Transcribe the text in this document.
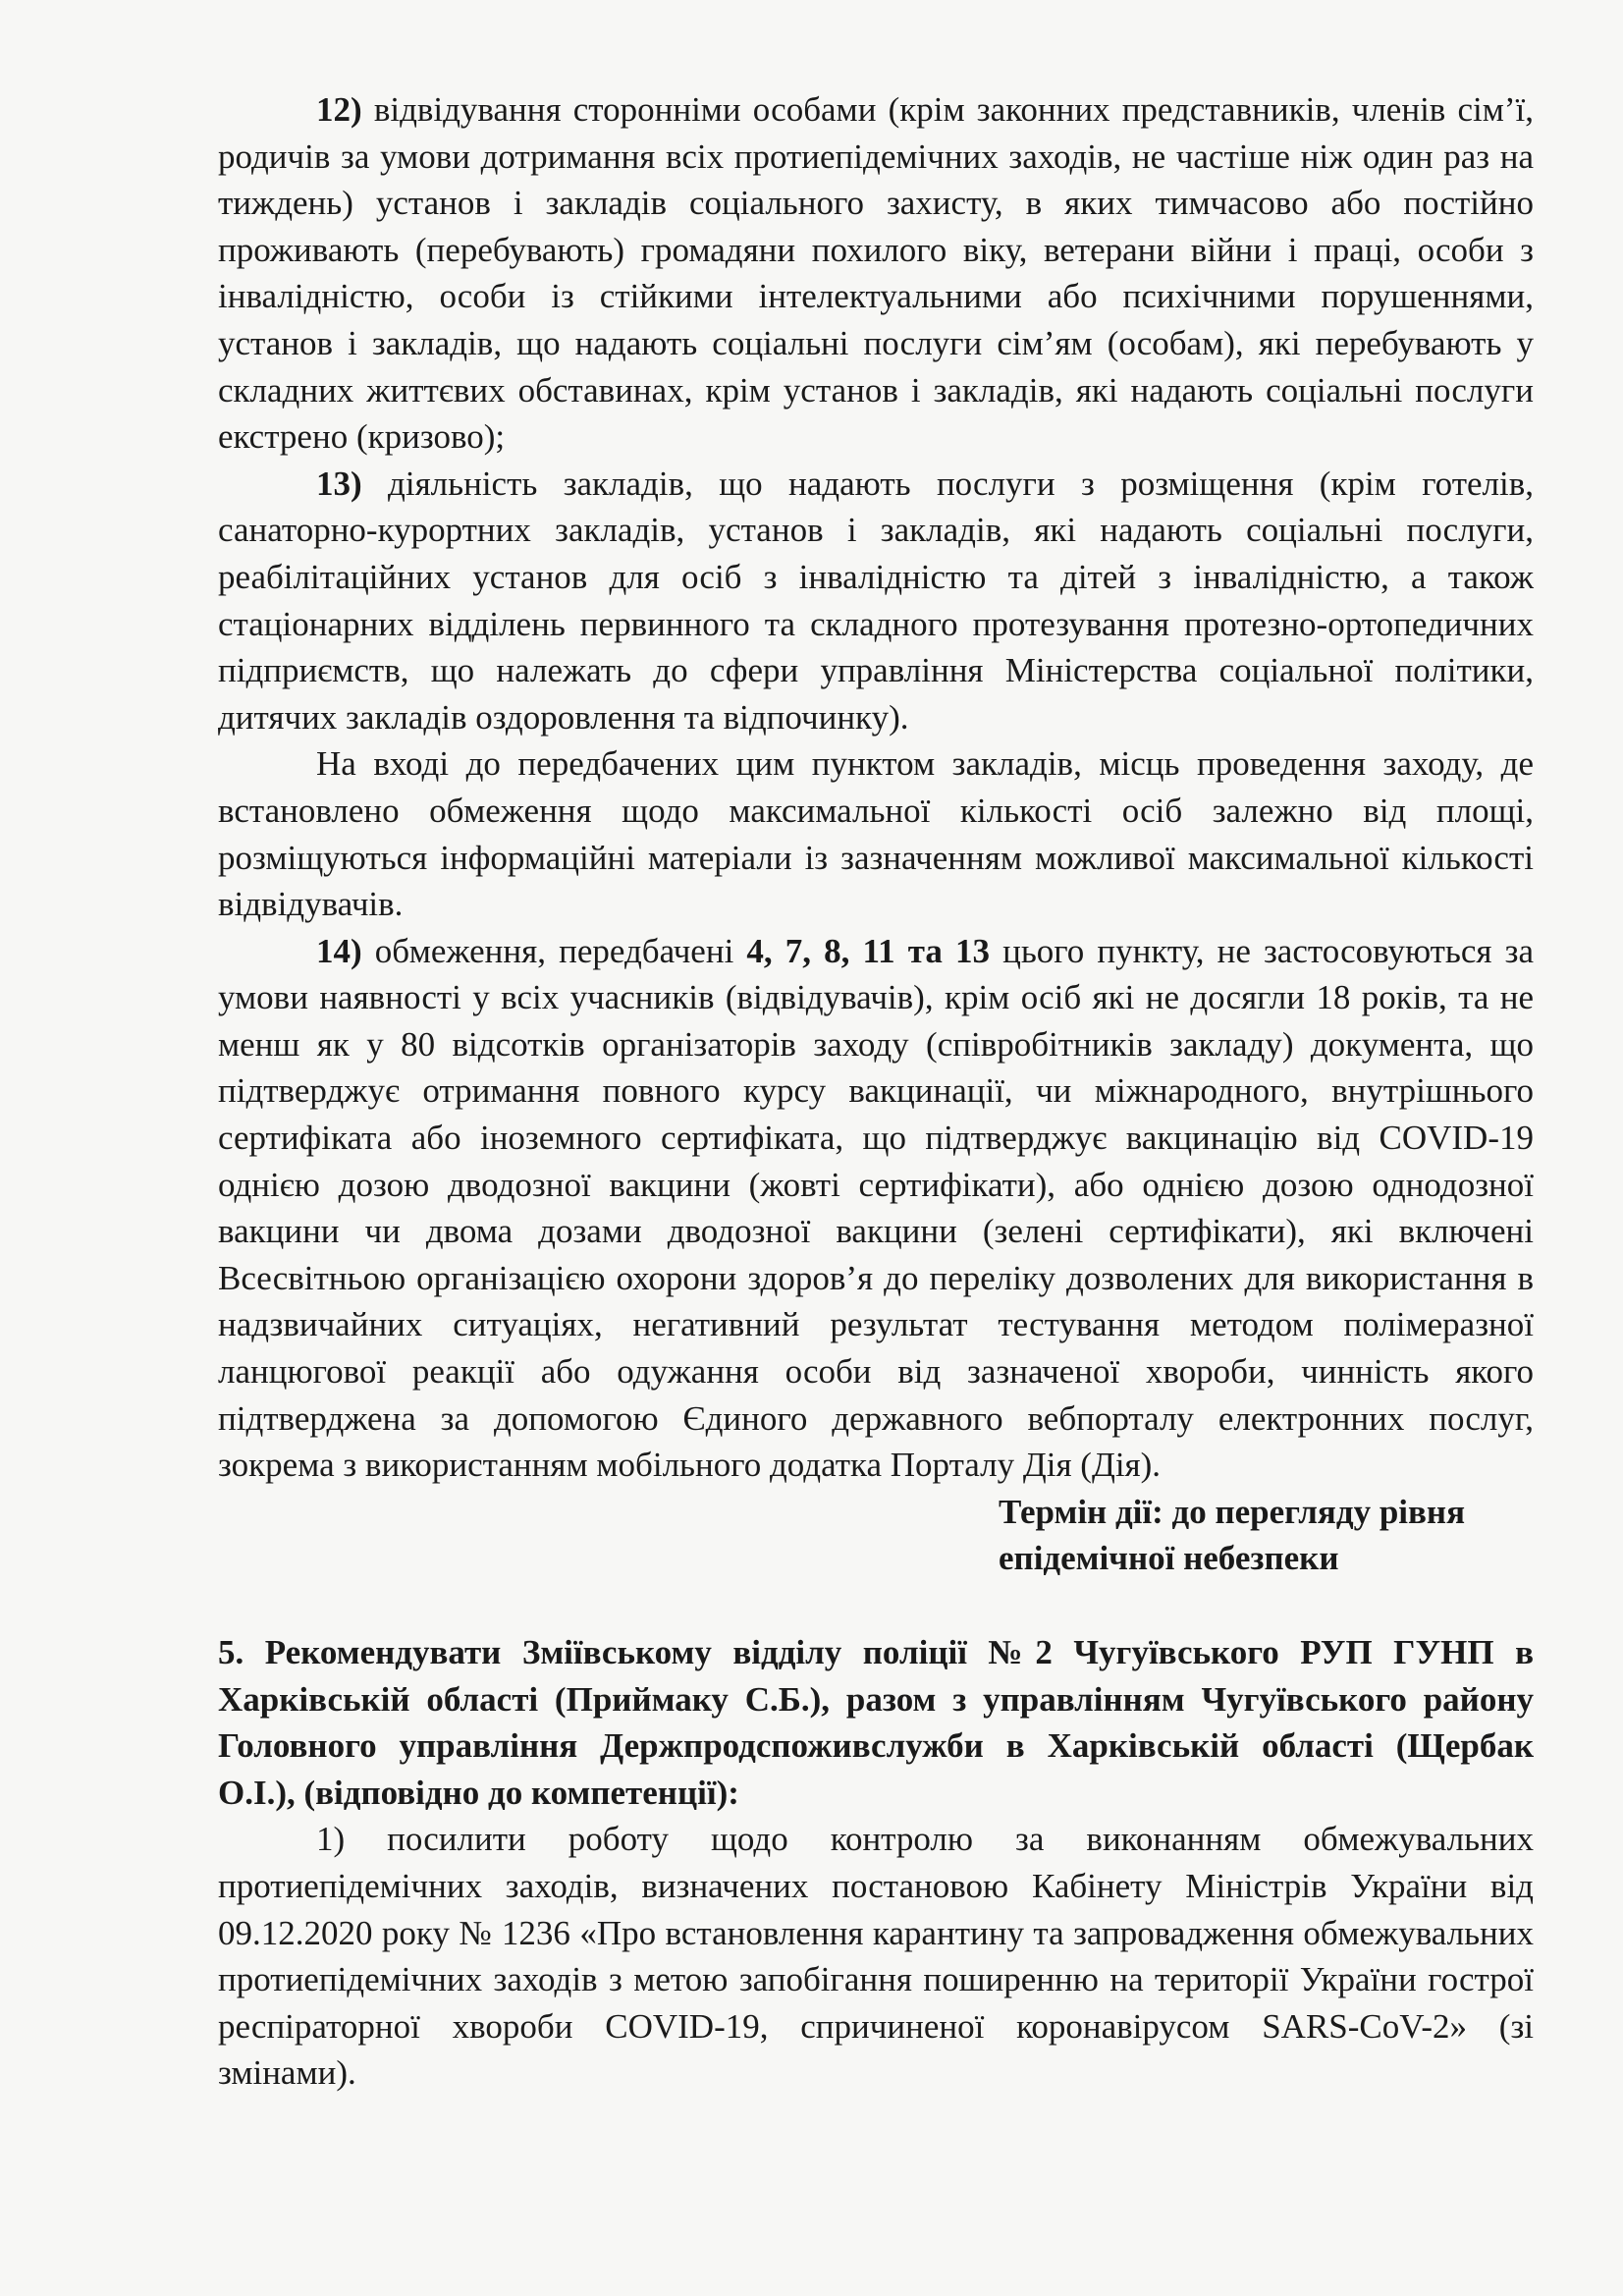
12) відвідування сторонніми особами (крім законних представників, членів сім’ї, родичів за умови дотримання всіх протиепідемічних заходів, не частіше ніж один раз на тиждень) установ і закладів соціального захисту, в яких тимчасово або постійно проживають (перебувають) громадяни похилого віку, ветерани війни і праці, особи з інвалідністю, особи із стійкими інтелектуальними або психічними порушеннями, установ і закладів, що надають соціальні послуги сім’ям (особам), які перебувають у складних життєвих обставинах, крім установ і закладів, які надають соціальні послуги екстрено (кризово);

13) діяльність закладів, що надають послуги з розміщення (крім готелів, санаторно-курортних закладів, установ і закладів, які надають соціальні послуги, реабілітаційних установ для осіб з інвалідністю та дітей з інвалідністю, а також стаціонарних відділень первинного та складного протезування протезно-ортопедичних підприємств, що належать до сфери управління Міністерства соціальної політики, дитячих закладів оздоровлення та відпочинку).

На вході до передбачених цим пунктом закладів, місць проведення заходу, де встановлено обмеження щодо максимальної кількості осіб залежно від площі, розміщуються інформаційні матеріали із зазначенням можливої максимальної кількості відвідувачів.

14) обмеження, передбачені 4, 7, 8, 11 та 13 цього пункту, не застосовуються за умови наявності у всіх учасників (відвідувачів), крім осіб які не досягли 18 років, та не менш як у 80 відсотків організаторів заходу (співробітників закладу) документа, що підтверджує отримання повного курсу вакцинації, чи міжнародного, внутрішнього сертифіката або іноземного сертифіката, що підтверджує вакцинацію від COVID-19 однією дозою дводозної вакцини (жовті сертифікати), або однією дозою однодозної вакцини чи двома дозами дводозної вакцини (зелені сертифікати), які включені Всесвітньою організацією охорони здоров’я до переліку дозволених для використання в надзвичайних ситуаціях, негативний результат тестування методом полімеразної ланцюгової реакції або одужання особи від зазначеної хвороби, чинність якого підтверджена за допомогою Єдиного державного вебпорталу електронних послуг, зокрема з використанням мобільного додатка Порталу Дія (Дія).

Термін дії: до перегляду рівня

епідемічної небезпеки

5. Рекомендувати Зміївському відділу поліції №2 Чугуївського РУП ГУНП в Харківській області (Приймаку С.Б.), разом з управлінням Чугуївського району Головного управління Держпродспоживслужби в Харківській області (Щербак О.І.), (відповідно до компетенції):

1) посилити роботу щодо контролю за виконанням обмежувальних протиепідемічних заходів, визначених постановою Кабінету Міністрів України від 09.12.2020 року № 1236 «Про встановлення карантину та запровадження обмежувальних протиепідемічних заходів з метою запобігання поширенню на території України гострої респіраторної хвороби COVID-19, спричиненої коронавірусом SARS-CoV-2» (зі змінами).
